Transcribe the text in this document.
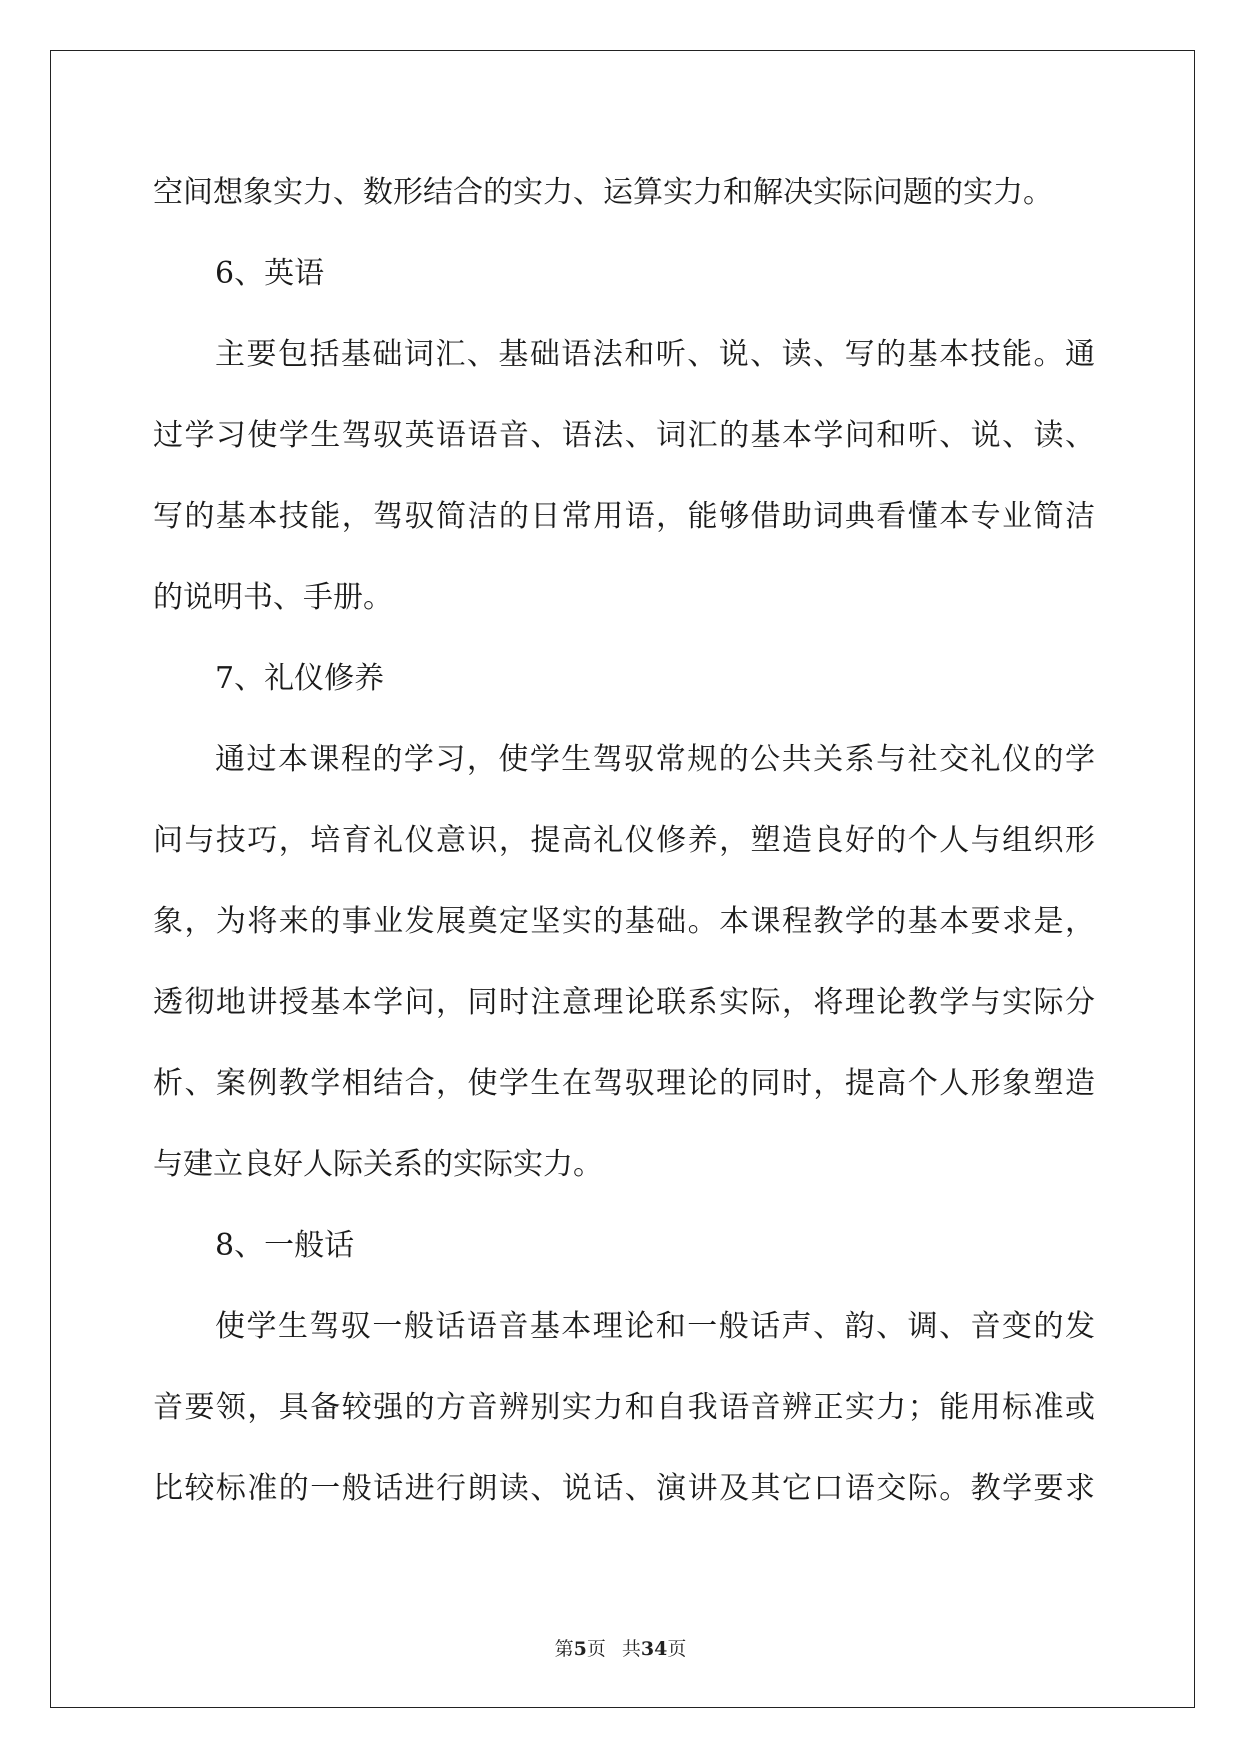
空间想象实力、数形结合的实力、运算实力和解决实际问题的实力。
6、英语
主要包括基础词汇、基础语法和听、说、读、写的基本技能。通
过学习使学生驾驭英语语音、语法、词汇的基本学问和听、说、读、
写的基本技能，驾驭简洁的日常用语，能够借助词典看懂本专业简洁
的说明书、手册。
7、礼仪修养
通过本课程的学习，使学生驾驭常规的公共关系与社交礼仪的学
问与技巧，培育礼仪意识，提高礼仪修养，塑造良好的个人与组织形
象，为将来的事业发展奠定坚实的基础。本课程教学的基本要求是，
透彻地讲授基本学问，同时注意理论联系实际，将理论教学与实际分
析、案例教学相结合，使学生在驾驭理论的同时，提高个人形象塑造
与建立良好人际关系的实际实力。
8、一般话
使学生驾驭一般话语音基本理论和一般话声、韵、调、音变的发
音要领，具备较强的方音辨别实力和自我语音辨正实力；能用标准或
比较标准的一般话进行朗读、说话、演讲及其它口语交际。教学要求
第5页 共34页
